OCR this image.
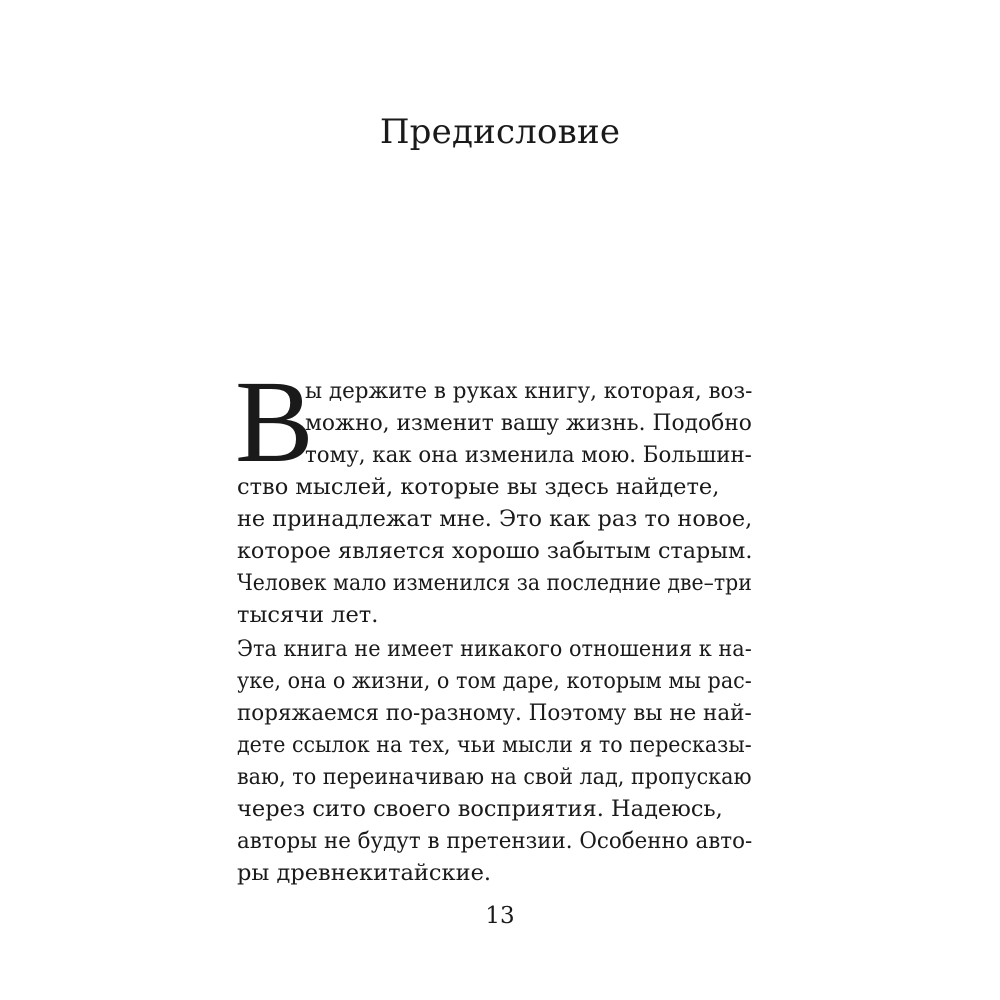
Предисловие
В
ы держите в руках книгу, которая, воз-
можно, изменит вашу жизнь. Подобно
тому, как она изменила мою. Большин-
ство мыслей, которые вы здесь найдете,
не принадлежат мне. Это как раз то новое,
которое является хорошо забытым старым.
Человек мало изменился за последние две–три
тысячи лет.
Эта книга не имеет никакого отношения к на-
уке, она о жизни, о том даре, которым мы рас-
поряжаемся по-разному. Поэтому вы не най-
дете ссылок на тех, чьи мысли я то пересказы-
ваю, то переиначиваю на свой лад, пропускаю
через сито своего восприятия. Надеюсь,
авторы не будут в претензии. Особенно авто-
ры древнекитайские.
13
